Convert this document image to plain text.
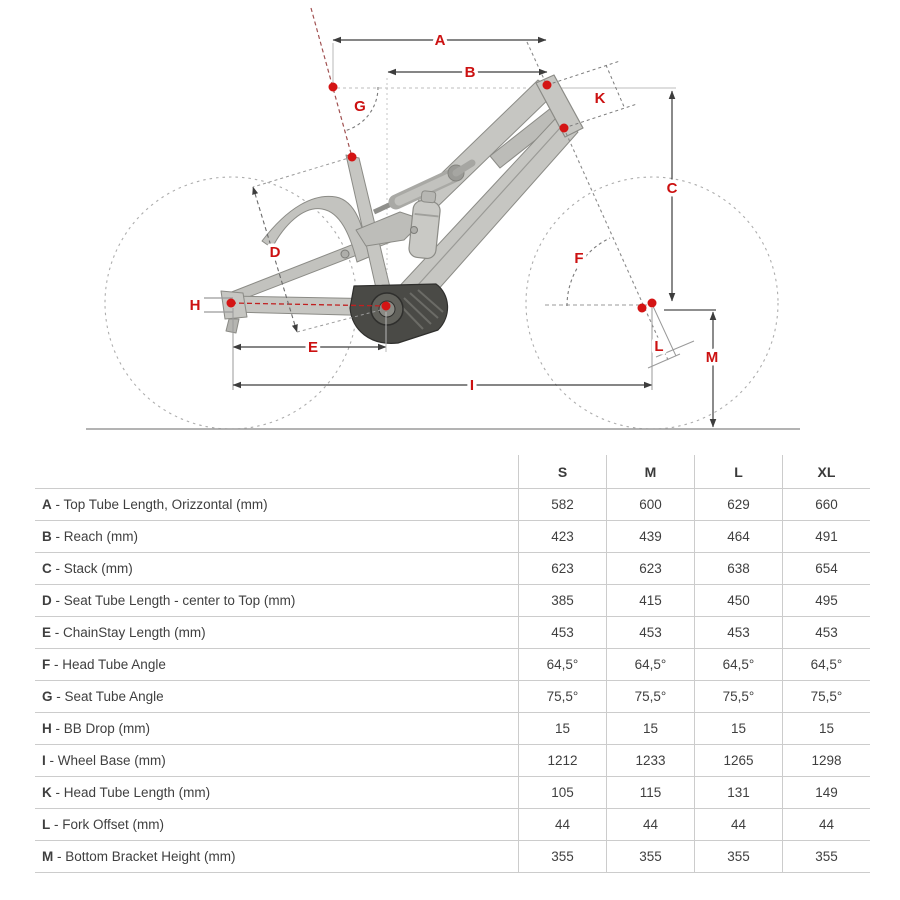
A
B
C
D
E
F
G
H
I
K
L
M
	S	M	L	XL
A - Top Tube Length, Orizzontal (mm)	582	600	629	660
B - Reach (mm)	423	439	464	491
C - Stack (mm)	623	623	638	654
D - Seat Tube Length - center to Top (mm)	385	415	450	495
E - ChainStay Length (mm)	453	453	453	453
F - Head Tube Angle	64,5°	64,5°	64,5°	64,5°
G - Seat Tube Angle	75,5°	75,5°	75,5°	75,5°
H - BB Drop (mm)	15	15	15	15
I - Wheel Base (mm)	1212	1233	1265	1298
K - Head Tube Length (mm)	105	115	131	149
L - Fork Offset (mm)	44	44	44	44
M - Bottom Bracket Height (mm)	355	355	355	355
